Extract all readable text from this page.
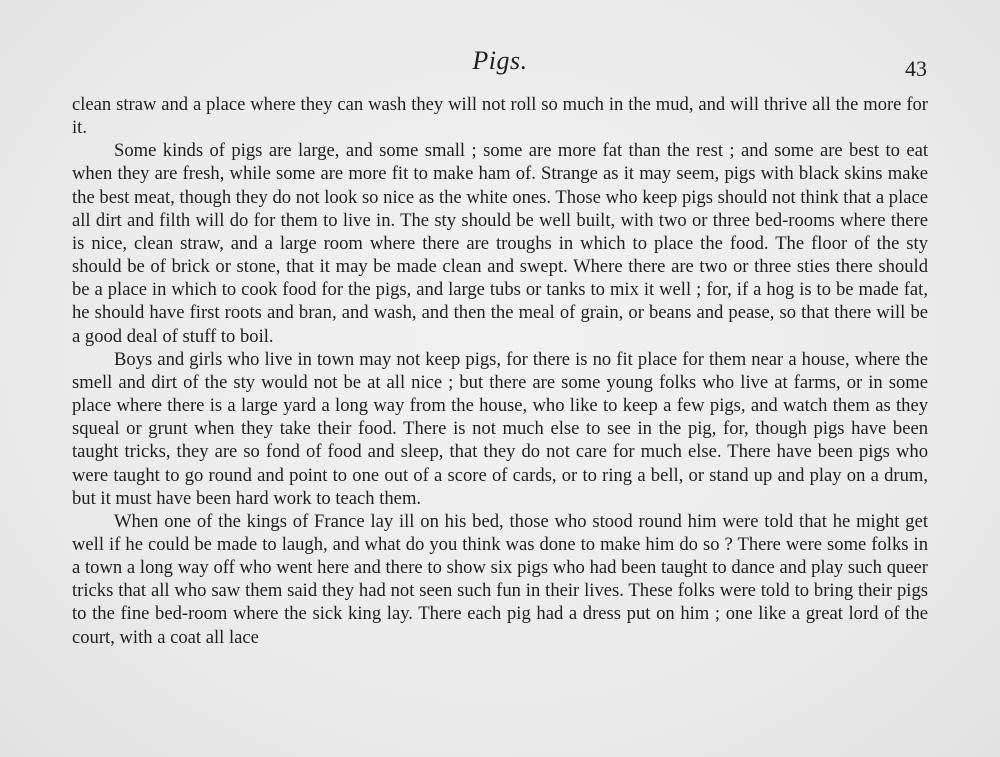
Pigs.	43

clean straw and a place where they can wash they will not roll so much in the mud, and will thrive all the more for it.

Some kinds of pigs are large, and some small ; some are more fat than the rest ; and some are best to eat when they are fresh, while some are more fit to make ham of. Strange as it may seem, pigs with black skins make the best meat, though they do not look so nice as the white ones. Those who keep pigs should not think that a place all dirt and filth will do for them to live in. The sty should be well built, with two or three bed-rooms where there is nice, clean straw, and a large room where there are troughs in which to place the food. The floor of the sty should be of brick or stone, that it may be made clean and swept. Where there are two or three sties there should be a place in which to cook food for the pigs, and large tubs or tanks to mix it well ; for, if a hog is to be made fat, he should have first roots and bran, and wash, and then the meal of grain, or beans and pease, so that there will be a good deal of stuff to boil.

Boys and girls who live in town may not keep pigs, for there is no fit place for them near a house, where the smell and dirt of the sty would not be at all nice ; but there are some young folks who live at farms, or in some place where there is a large yard a long way from the house, who like to keep a few pigs, and watch them as they squeal or grunt when they take their food. There is not much else to see in the pig, for, though pigs have been taught tricks, they are so fond of food and sleep, that they do not care for much else. There have been pigs who were taught to go round and point to one out of a score of cards, or to ring a bell, or stand up and play on a drum, but it must have been hard work to teach them.

When one of the kings of France lay ill on his bed, those who stood round him were told that he might get well if he could be made to laugh, and what do you think was done to make him do so ? There were some folks in a town a long way off who went here and there to show six pigs who had been taught to dance and play such queer tricks that all who saw them said they had not seen such fun in their lives. These folks were told to bring their pigs to the fine bed-room where the sick king lay. There each pig had a dress put on him ; one like a great lord of the court, with a coat all lace
